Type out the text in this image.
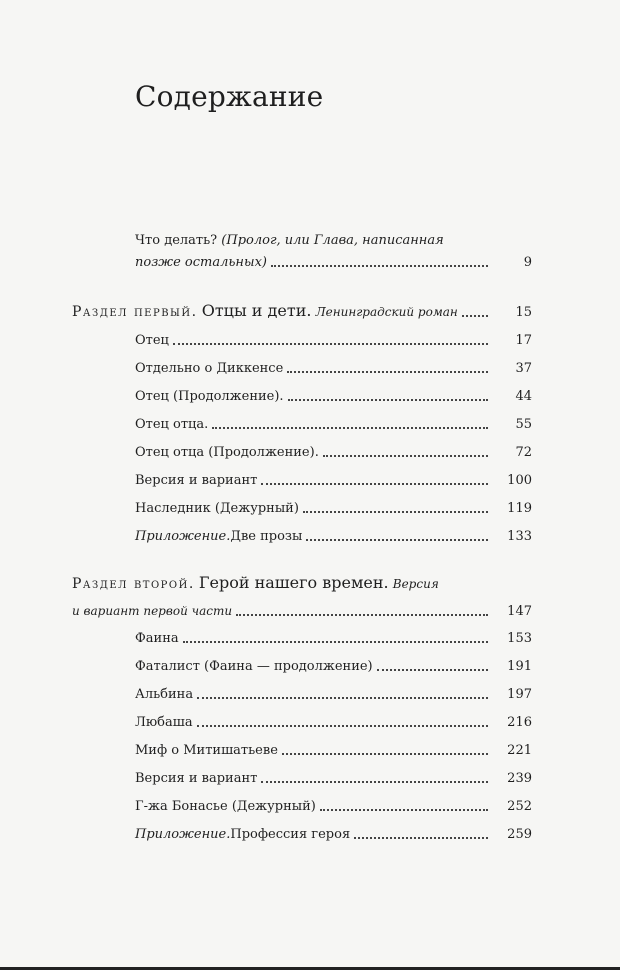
Содержание
Что делать? (Пролог, или Глава, написанная
позже остальных)	9
Раздел первый.
Отцы и дети.
Ленинградский роман	15
Отец	17
Отдельно о Диккенсе	37
Отец (Продолжение).	44
Отец отца.	55
Отец отца (Продолжение).	72
Версия и вариант	100
Наследник (Дежурный)	119
Приложение. Две прозы	133
Раздел второй. Герой нашего времен. Версия
и вариант первой части	147
Фаина	153
Фаталист (Фаина — продолжение)	191
Альбина	197
Любаша	216
Миф о Митишатьеве	221
Версия и вариант	239
Г-жа Бонасье (Дежурный)	252
Приложение. Профессия героя	259
